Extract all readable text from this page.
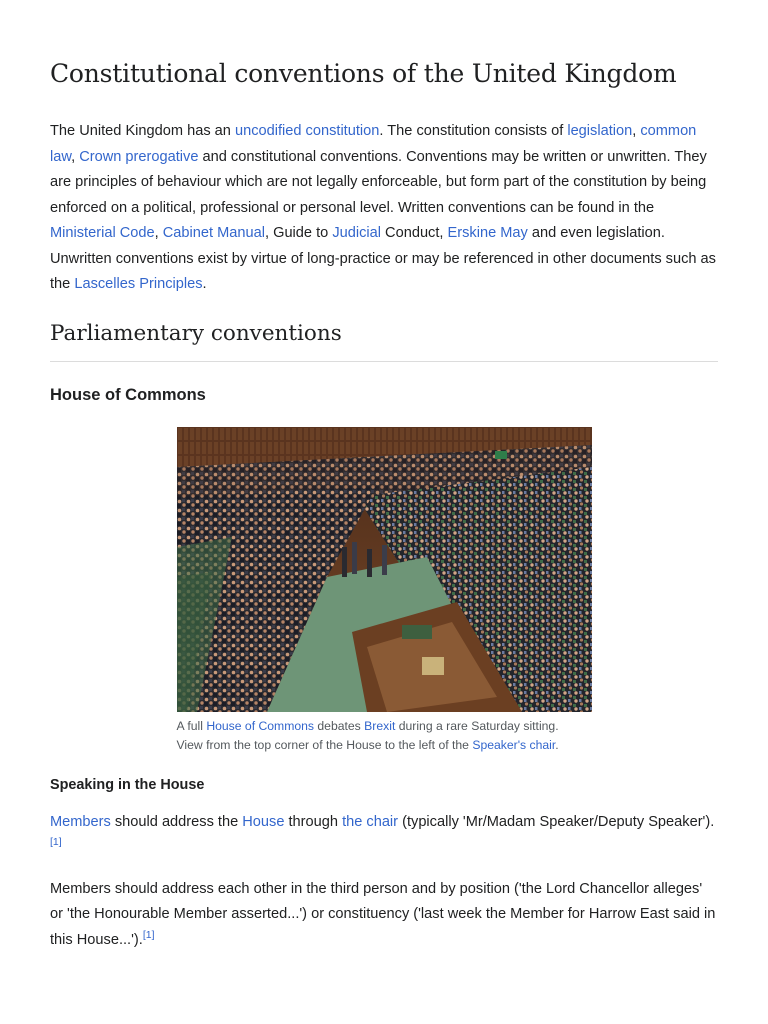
Constitutional conventions of the United Kingdom

The United Kingdom has an uncodified constitution. The constitution consists of legislation, common law, Crown prerogative and constitutional conventions. Conventions may be written or unwritten. They are principles of behaviour which are not legally enforceable, but form part of the constitution by being enforced on a political, professional or personal level. Written conventions can be found in the Ministerial Code, Cabinet Manual, Guide to Judicial Conduct, Erskine May and even legislation. Unwritten conventions exist by virtue of long-practice or may be referenced in other documents such as the Lascelles Principles.

Parliamentary conventions
House of Commons
A full House of Commons debates Brexit during a rare Saturday sitting. View from the top corner of the House to the left of the Speaker's chair.
Speaking in the House

Members should address the House through the chair (typically 'Mr/Madam Speaker/Deputy Speaker').[1]

Members should address each other in the third person and by position ('the Lord Chancellor alleges' or 'the Honourable Member asserted...') or constituency ('last week the Member for Harrow East said in this House...').[1]
